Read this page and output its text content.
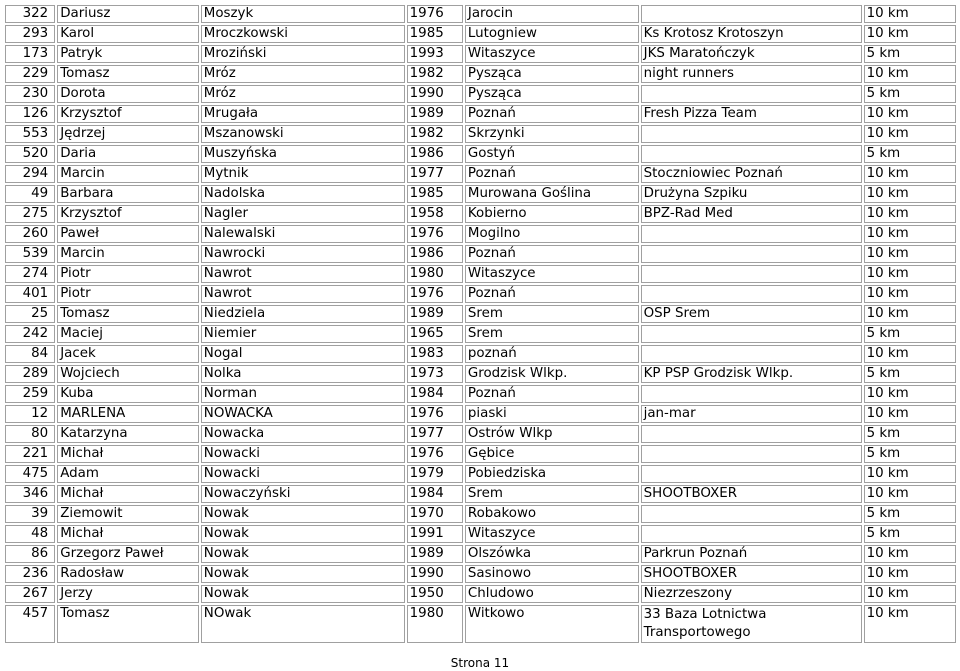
322	Dariusz	Moszyk	1976	Jarocin		10 km
293	Karol	Mroczkowski	1985	Lutogniew	Ks Krotosz Krotoszyn	10 km
173	Patryk	Mroziński	1993	Witaszyce	JKS Maratończyk	5 km
229	Tomasz	Mróz	1982	Pysząca	night runners	10 km
230	Dorota	Mróz	1990	Pysząca		5 km
126	Krzysztof	Mrugała	1989	Poznań	Fresh Pizza Team	10 km
553	Jędrzej	Mszanowski	1982	Skrzynki		10 km
520	Daria	Muszyńska	1986	Gostyń		5 km
294	Marcin	Mytnik	1977	Poznań	Stoczniowiec Poznań	10 km
49	Barbara	Nadolska	1985	Murowana Goślina	Drużyna Szpiku	10 km
275	Krzysztof	Nagler	1958	Kobierno	BPZ-Rad Med	10 km
260	Paweł	Nalewalski	1976	Mogilno		10 km
539	Marcin	Nawrocki	1986	Poznań		10 km
274	Piotr	Nawrot	1980	Witaszyce		10 km
401	Piotr	Nawrot	1976	Poznań		10 km
25	Tomasz	Niedziela	1989	Śrem	OSP Śrem	10 km
242	Maciej	Niemier	1965	Śrem		5 km
84	Jacek	Nogal	1983	poznań		10 km
289	Wojciech	Nolka	1973	Grodzisk Wlkp.	KP PSP Grodzisk Wlkp.	5 km
259	Kuba	Norman	1984	Poznań		10 km
12	MARLENA	NOWACKA	1976	piaski	jan-mar	10 km
80	Katarzyna	Nowacka	1977	Ostrów Wlkp		5 km
221	Michał	Nowacki	1976	Gębice		5 km
475	Adam	Nowacki	1979	Pobiedziska		10 km
346	Michał	Nowaczyński	1984	Śrem	SHOOTBOXER	10 km
39	Ziemowit	Nowak	1970	Robakowo		5 km
48	Michał	Nowak	1991	Witaszyce		5 km
86	Grzegorz Paweł	Nowak	1989	Olszówka	Parkrun Poznań	10 km
236	Radosław	Nowak	1990	Sasinowo	SHOOTBOXER	10 km
267	Jerzy	Nowak	1950	Chludowo	Niezrzeszony	10 km
457	Tomasz	NOwak	1980	Witkowo	33 Baza Lotnictwa Transportowego	10 km
Strona 11
